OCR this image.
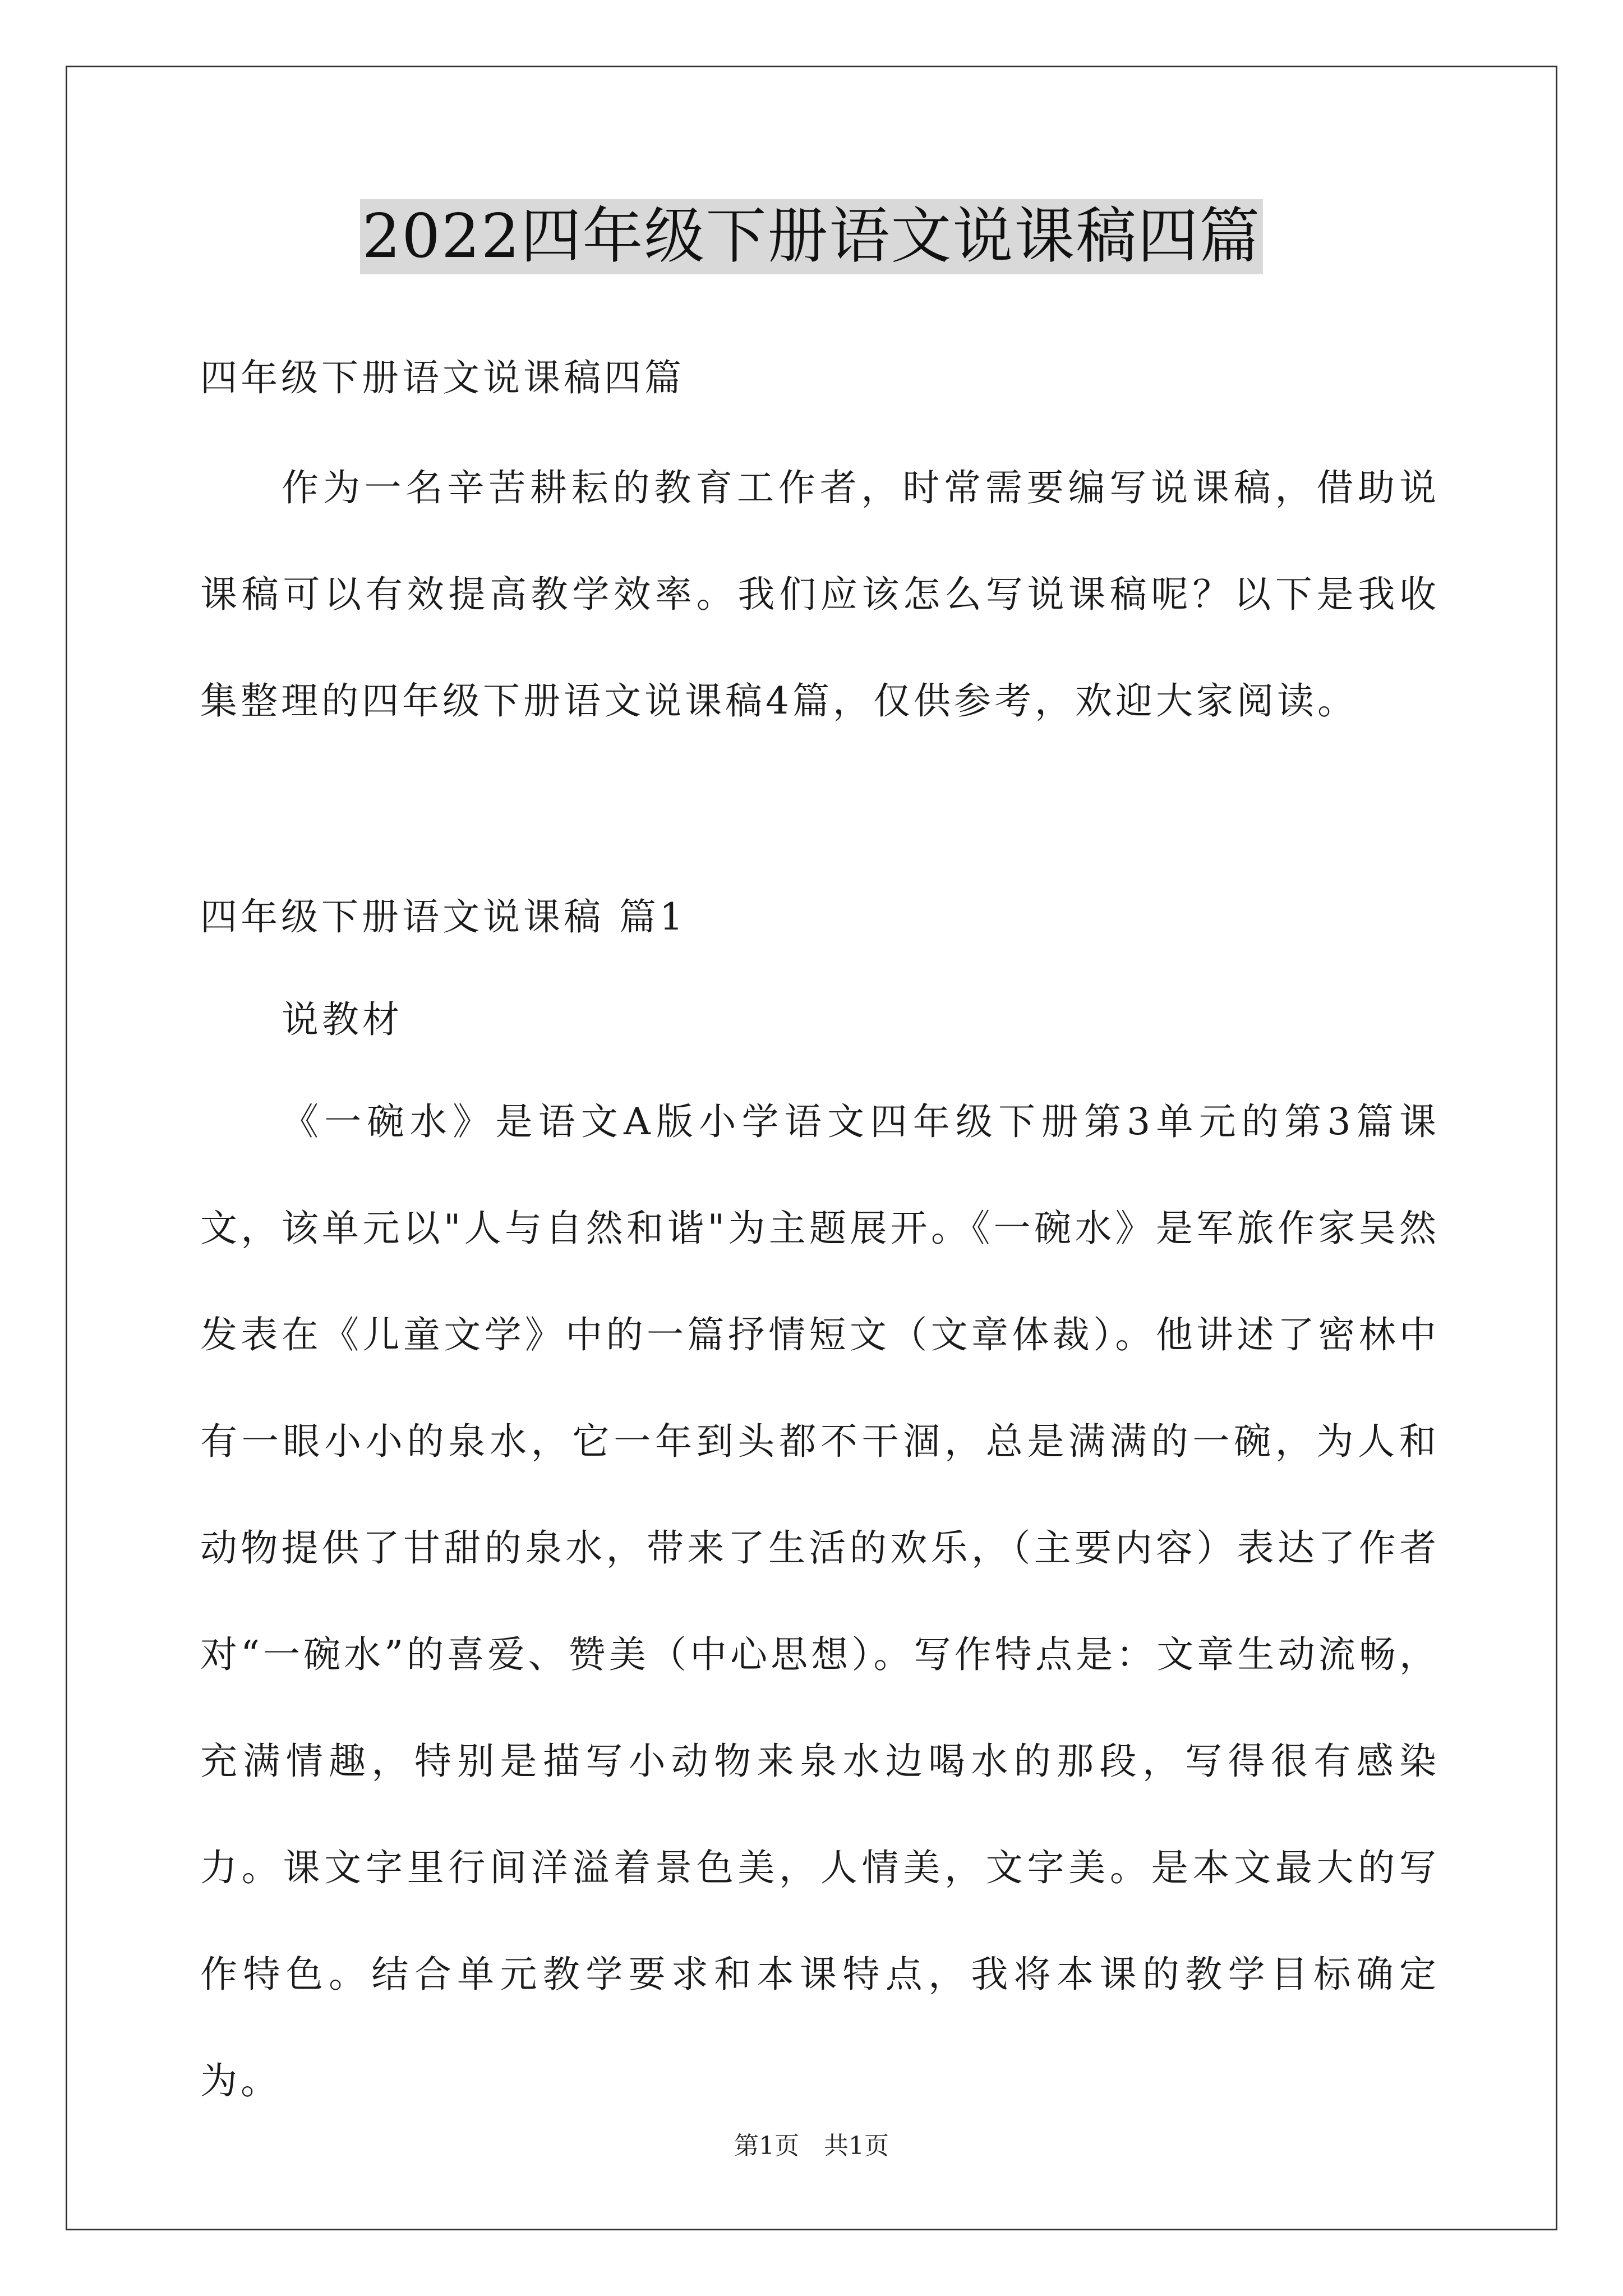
2022四年级下册语文说课稿四篇

四年级下册语文说课稿四篇

作为一名辛苦耕耘的教育工作者，时常需要编写说课稿，借助说课稿可以有效提高教学效率。我们应该怎么写说课稿呢？以下是我收集整理的四年级下册语文说课稿4篇，仅供参考，欢迎大家阅读。

四年级下册语文说课稿 篇1

说教材

《一碗水》是语文A版小学语文四年级下册第3单元的第3篇课文，该单元以"人与自然和谐"为主题展开。《一碗水》是军旅作家吴然发表在《儿童文学》中的一篇抒情短文（文章体裁）。他讲述了密林中有一眼小小的泉水，它一年到头都不干涸，总是满满的一碗，为人和动物提供了甘甜的泉水，带来了生活的欢乐，（主要内容）表达了作者对“一碗水”的喜爱、赞美（中心思想）。写作特点是：文章生动流畅，充满情趣，特别是描写小动物来泉水边喝水的那段，写得很有感染力。课文字里行间洋溢着景色美，人情美，文字美。是本文最大的写作特色。结合单元教学要求和本课特点，我将本课的教学目标确定为。

第1页　共1页
